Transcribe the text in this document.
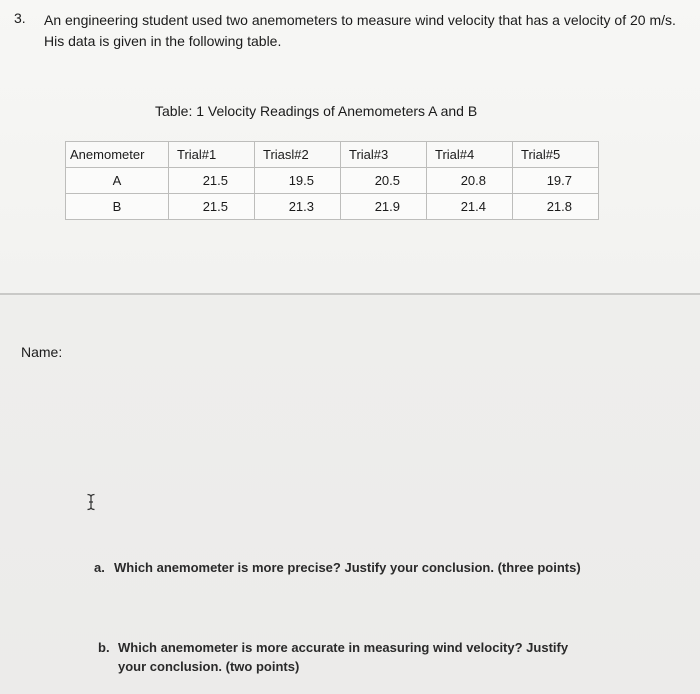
3. An engineering student used two anemometers to measure wind velocity that has a velocity of 20 m/s. His data is given in the following table.
Table: 1 Velocity Readings of Anemometers A and B
Anemometer	Trial#1	Triasl#2	Trial#3	Trial#4	Trial#5
A	21.5	19.5	20.5	20.8	19.7
B	21.5	21.3	21.9	21.4	21.8
Name:
a. Which anemometer is more precise? Justify your conclusion. (three points)
b. Which anemometer is more accurate in measuring wind velocity? Justify your conclusion. (two points)
